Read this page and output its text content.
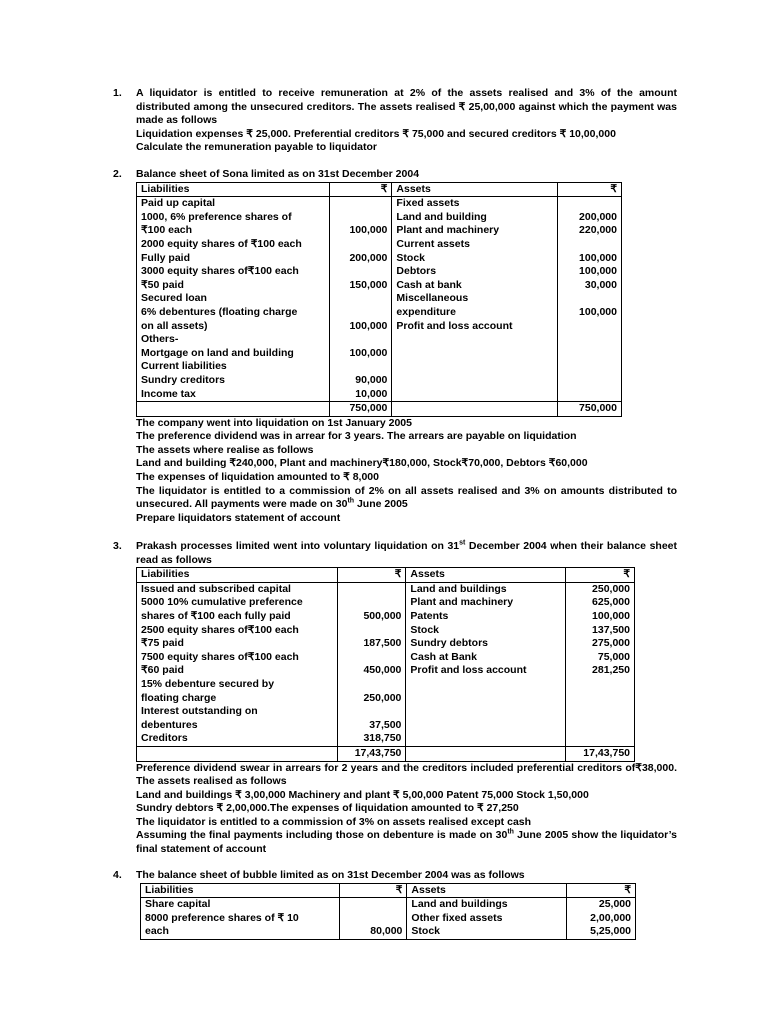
1. A liquidator is entitled to receive remuneration at 2% of the assets realised and 3% of the amount distributed among the unsecured creditors. The assets realised ₹ 25,00,000 against which the payment was made as follows

Liquidation expenses ₹ 25,000. Preferential creditors ₹ 75,000 and secured creditors ₹ 10,00,000

Calculate the remuneration payable to liquidator

2. Balance sheet of Sona limited as on 31st December 2004

Liabilities	₹	Assets	₹
Paid up capital		Fixed assets	
1000, 6% preference shares of		Land and building	200,000
₹100 each	100,000	Plant and machinery	220,000
2000 equity shares of ₹100 each		Current assets	
Fully paid	200,000	Stock	100,000
3000 equity shares of₹100 each		Debtors	100,000
₹50 paid	150,000	Cash at bank	30,000
Secured loan		Miscellaneous	
6% debentures (floating charge		expenditure	100,000
on all assets)	100,000	Profit and loss account	
Others-			
Mortgage on land and building	100,000		
Current liabilities			
Sundry creditors	90,000		
Income tax	10,000		
	750,000		750,000

The company went into liquidation on 1st January 2005

The preference dividend was in arrear for 3 years. The arrears are payable on liquidation

The assets where realise as follows

Land and building ₹240,000, Plant and machinery₹180,000, Stock₹70,000, Debtors ₹60,000

The expenses of liquidation amounted to ₹ 8,000

The liquidator is entitled to a commission of 2% on all assets realised and 3% on amounts distributed to unsecured. All payments were made on 30th June 2005

Prepare liquidators statement of account

3. Prakash processes limited went into voluntary liquidation on 31st December 2004 when their balance sheet read as follows

Liabilities	₹	Assets	₹
Issued and subscribed capital		Land and buildings	250,000
5000 10% cumulative preference		Plant and machinery	625,000
shares of ₹100 each fully paid	500,000	Patents	100,000
2500 equity shares of₹100 each		Stock	137,500
₹75 paid	187,500	Sundry debtors	275,000
7500 equity shares of₹100 each		Cash at Bank	75,000
₹60 paid	450,000	Profit and loss account	281,250
15% debenture secured by			
floating charge	250,000		
Interest outstanding on			
debentures	37,500		
Creditors	318,750		
	17,43,750		17,43,750

Preference dividend swear in arrears for 2 years and the creditors included preferential creditors of₹38,000. The assets realised as follows

Land and buildings ₹ 3,00,000 Machinery and plant ₹ 5,00,000 Patent 75,000 Stock 1,50,000

Sundry debtors ₹ 2,00,000.The expenses of liquidation amounted to ₹ 27,250

The liquidator is entitled to a commission of 3% on assets realised except cash

Assuming the final payments including those on debenture is made on 30th June 2005 show the liquidator’s final statement of account

4. The balance sheet of bubble limited as on 31st December 2004 was as follows

Liabilities	₹	Assets	₹
Share capital		Land and buildings	25,000
8000 preference shares of ₹ 10		Other fixed assets	2,00,000
each	80,000	Stock	5,25,000
